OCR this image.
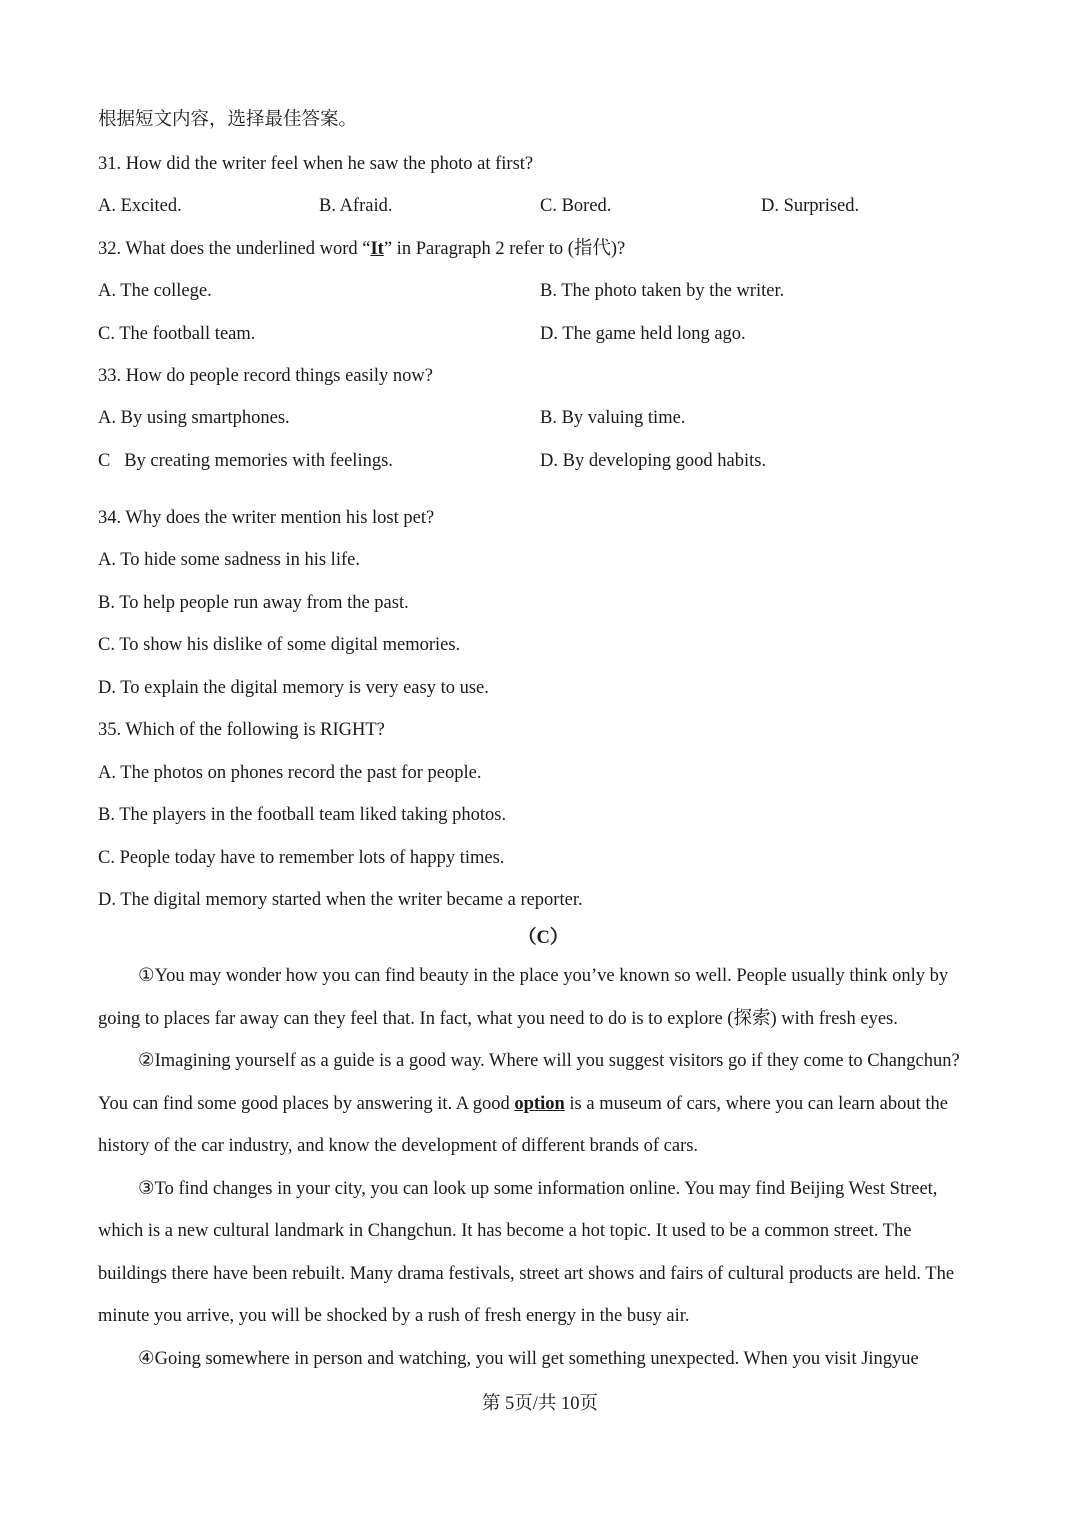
根据短文内容，选择最佳答案。
31. How did the writer feel when he saw the photo at first?
A. Excited.	B. Afraid.	C. Bored.	D. Surprised.
32. What does the underlined word “It” in Paragraph 2 refer to (指代)?
A. The college.	B. The photo taken by the writer.
C. The football team.	D. The game held long ago.
33. How do people record things easily now?
A. By using smartphones.	B. By valuing time.
C   By creating memories with feelings.	D. By developing good habits.
34. Why does the writer mention his lost pet?
A. To hide some sadness in his life.
B. To help people run away from the past.
C. To show his dislike of some digital memories.
D. To explain the digital memory is very easy to use.
35. Which of the following is RIGHT?
A. The photos on phones record the past for people.
B. The players in the football team liked taking photos.
C. People today have to remember lots of happy times.
D. The digital memory started when the writer became a reporter.
（C）
①You may wonder how you can find beauty in the place you’ve known so well. People usually think only by
going to places far away can they feel that. In fact, what you need to do is to explore (探索) with fresh eyes.
②Imagining yourself as a guide is a good way. Where will you suggest visitors go if they come to Changchun?
You can find some good places by answering it. A good option is a museum of cars, where you can learn about the
history of the car industry, and know the development of different brands of cars.
③To find changes in your city, you can look up some information online. You may find Beijing West Street,
which is a new cultural landmark in Changchun. It has become a hot topic. It used to be a common street. The
buildings there have been rebuilt. Many drama festivals, street art shows and fairs of cultural products are held. The
minute you arrive, you will be shocked by a rush of fresh energy in the busy air.
④Going somewhere in person and watching, you will get something unexpected. When you visit Jingyue
第 5页/共 10页
